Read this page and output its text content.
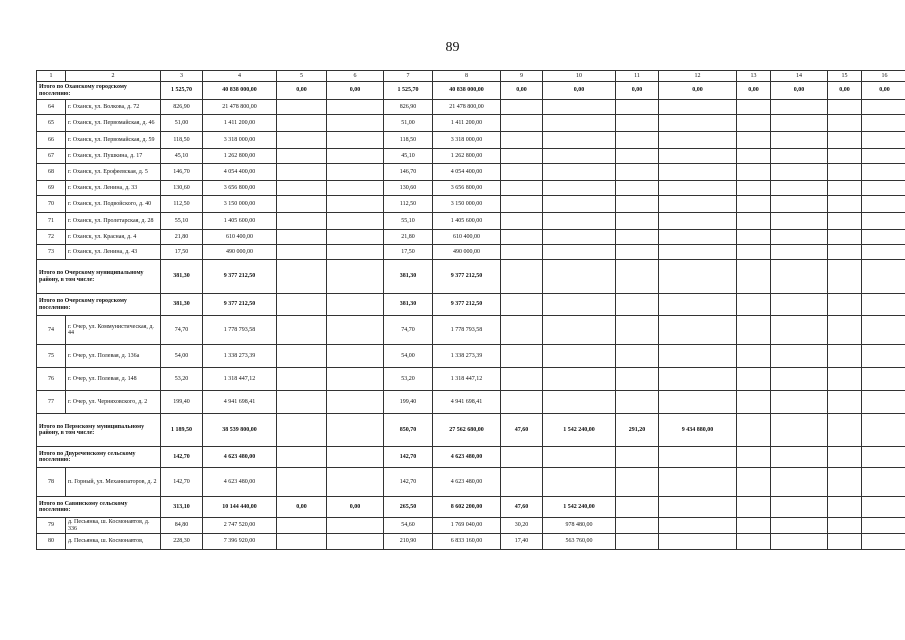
89
1	2	3	4	5	6	7	8	9	10	11	12	13	14	15	16
Итого по Оханскому городскому поселению:		1 525,70	40 838 000,00	0,00	0,00	1 525,70	40 838 000,00	0,00	0,00	0,00	0,00	0,00	0,00	0,00	0,00
64	г. Оханск, ул. Волкова, д. 72	826,90	21 478 800,00			826,90	21 478 800,00								
65	г. Оханск, ул. Первомайская, д. 46	51,00	1 411 200,00			51,00	1 411 200,00								
66	г. Оханск, ул. Первомайская, д. 59	118,50	3 318 000,00			118,50	3 318 000,00								
67	г. Оханск, ул. Пушкина, д. 17	45,10	1 262 800,00			45,10	1 262 800,00								
68	г. Оханск, ул. Ерофеевская, д. 5	146,70	4 054 400,00			146,70	4 054 400,00								
69	г. Оханск, ул. Ленина, д. 33	130,60	3 656 800,00			130,60	3 656 800,00								
70	г. Оханск, ул. Подвойского, д. 40	112,50	3 150 000,00			112,50	3 150 000,00								
71	г. Оханск, ул. Пролетарская, д. 28	55,10	1 405 600,00			55,10	1 405 600,00								
72	г. Оханск, ул. Красная, д. 4	21,80	610 400,00			21,80	610 400,00								
73	г. Оханск, ул. Ленина, д. 43	17,50	490 000,00			17,50	490 000,00								
Итого по Очерскому муниципальному району, в том числе:		381,30	9 377 212,50			381,30	9 377 212,50								
Итого по Очерскому городскому поселению:		381,30	9 377 212,50			381,30	9 377 212,50								
74	г. Очер, ул. Коммунистическая, д. 44	74,70	1 778 793,58			74,70	1 778 793,58								
75	г. Очер, ул. Полевая, д. 136а	54,00	1 338 273,39			54,00	1 338 273,39								
76	г. Очер, ул. Полевая, д. 148	53,20	1 318 447,12			53,20	1 318 447,12								
77	г. Очер, ул. Черняховского, д. 2	199,40	4 941 698,41			199,40	4 941 698,41								
Итого по Пермскому муниципальному району, в том числе:		1 189,50	38 539 800,00			850,70	27 562 680,00	47,60	1 542 240,00	291,20	9 434 880,00				
Итого по Двуреченскому сельскому поселению:		142,70	4 623 480,00			142,70	4 623 480,00								
78	п. Горный, ул. Механизаторов, д. 2	142,70	4 623 480,00			142,70	4 623 480,00								
Итого по Савинскому сельскому поселению:		313,10	10 144 440,00	0,00	0,00	265,50	8 602 200,00	47,60	1 542 240,00						
79	д. Песьянка, ш. Космонавтов, д. 336	84,80	2 747 520,00			54,60	1 769 040,00	30,20	978 480,00						
80	д. Песьянка, ш. Космонавтов,	228,30	7 396 920,00			210,90	6 833 160,00	17,40	563 760,00						
